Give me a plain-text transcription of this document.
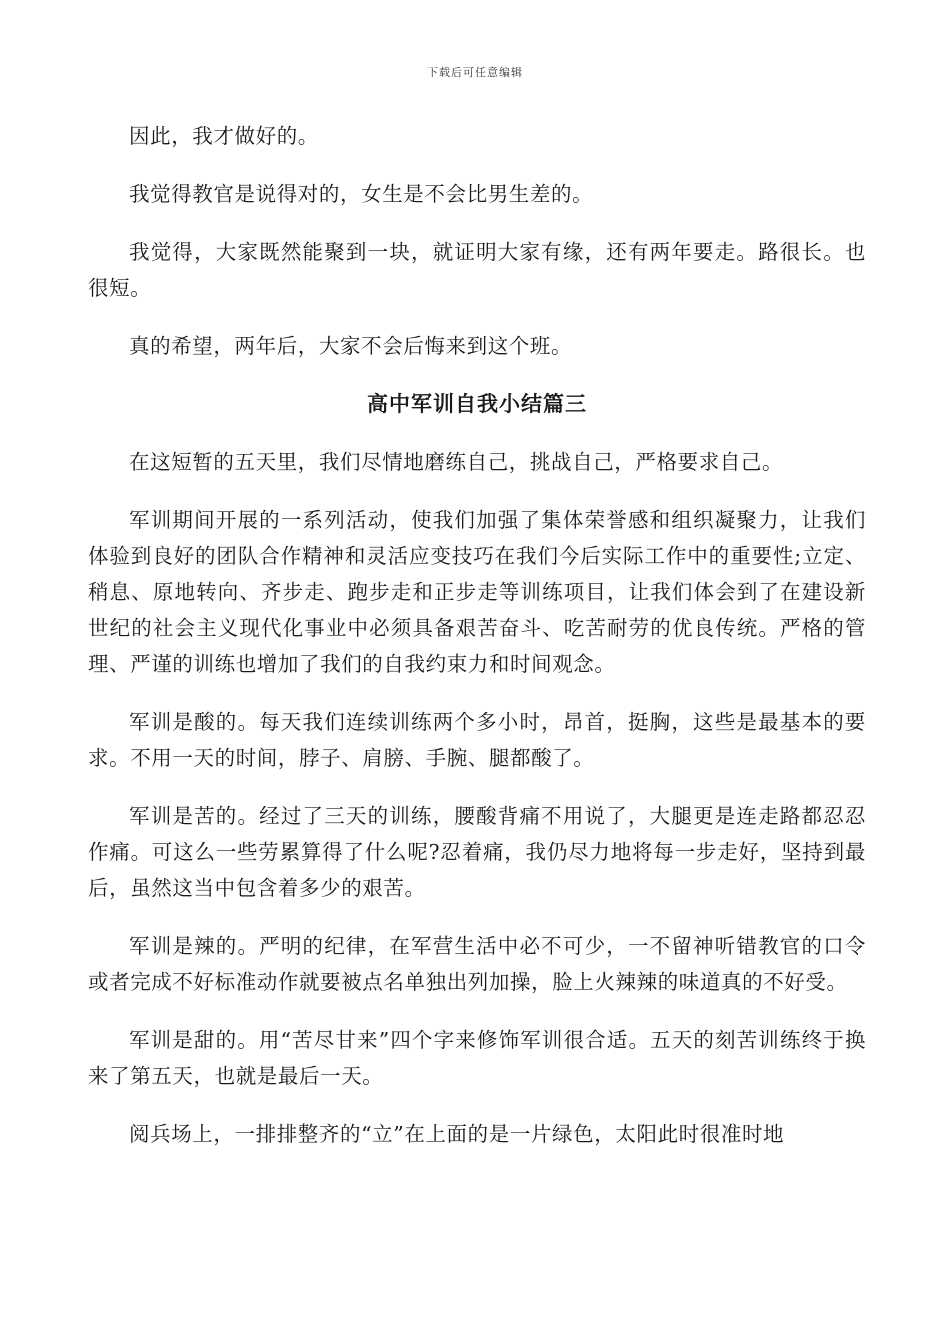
下载后可任意编辑

因此，我才做好的。

我觉得教官是说得对的，女生是不会比男生差的。

我觉得，大家既然能聚到一块，就证明大家有缘，还有两年要走。路很长。也很短。

真的希望，两年后，大家不会后悔来到这个班。

高中军训自我小结篇三

在这短暂的五天里，我们尽情地磨练自己，挑战自己，严格要求自己。

军训期间开展的一系列活动，使我们加强了集体荣誉感和组织凝聚力，让我们体验到良好的团队合作精神和灵活应变技巧在我们今后实际工作中的重要性;立定、稍息、原地转向、齐步走、跑步走和正步走等训练项目，让我们体会到了在建设新世纪的社会主义现代化事业中必须具备艰苦奋斗、吃苦耐劳的优良传统。严格的管理、严谨的训练也增加了我们的自我约束力和时间观念。

军训是酸的。每天我们连续训练两个多小时，昂首，挺胸，这些是最基本的要求。不用一天的时间，脖子、肩膀、手腕、腿都酸了。

军训是苦的。经过了三天的训练，腰酸背痛不用说了，大腿更是连走路都忍忍作痛。可这么一些劳累算得了什么呢?忍着痛，我仍尽力地将每一步走好，坚持到最后，虽然这当中包含着多少的艰苦。

军训是辣的。严明的纪律，在军营生活中必不可少，一不留神听错教官的口令或者完成不好标准动作就要被点名单独出列加操，脸上火辣辣的味道真的不好受。

军训是甜的。用“苦尽甘来”四个字来修饰军训很合适。五天的刻苦训练终于换来了第五天，也就是最后一天。

阅兵场上，一排排整齐的“立”在上面的是一片绿色，太阳此时很准时地
